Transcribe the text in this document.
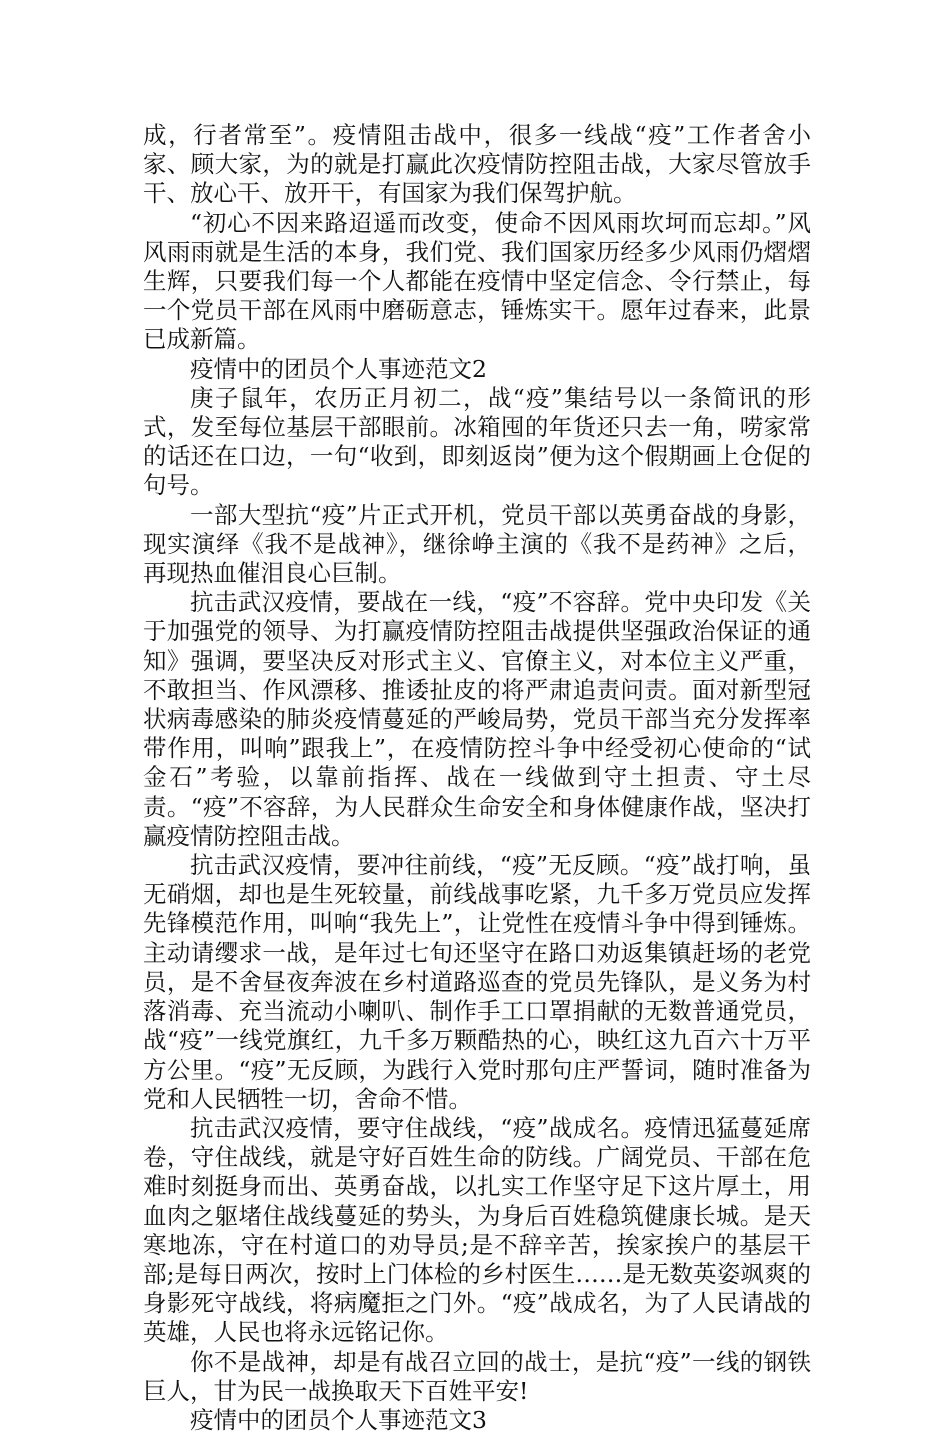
成，行者常至”。疫情阻击战中，很多一线战“疫”工作者舍小家、顾大家，为的就是打赢此次疫情防控阻击战，大家尽管放手干、放心干、放开干，有国家为我们保驾护航。

“初心不因来路迢遥而改变，使命不因风雨坎坷而忘却。”风风雨雨就是生活的本身，我们党、我们国家历经多少风雨仍熠熠生辉，只要我们每一个人都能在疫情中坚定信念、令行禁止，每一个党员干部在风雨中磨砺意志，锤炼实干。愿年过春来，此景已成新篇。

疫情中的团员个人事迹范文2

庚子鼠年，农历正月初二，战“疫”集结号以一条简讯的形式，发至每位基层干部眼前。冰箱囤的年货还只去一角，唠家常的话还在口边，一句“收到，即刻返岗”便为这个假期画上仓促的句号。

一部大型抗“疫”片正式开机，党员干部以英勇奋战的身影，现实演绎《我不是战神》，继徐峥主演的《我不是药神》之后，再现热血催泪良心巨制。

抗击武汉疫情，要战在一线，“疫”不容辞。党中央印发《关于加强党的领导、为打赢疫情防控阻击战提供坚强政治保证的通知》强调，要坚决反对形式主义、官僚主义，对本位主义严重，不敢担当、作风漂移、推诿扯皮的将严肃追责问责。面对新型冠状病毒感染的肺炎疫情蔓延的严峻局势，党员干部当充分发挥率带作用，叫响”跟我上”，在疫情防控斗争中经受初心使命的“试金石”考验，以靠前指挥、战在一线做到守土担责、守土尽责。“疫”不容辞，为人民群众生命安全和身体健康作战，坚决打赢疫情防控阻击战。

抗击武汉疫情，要冲往前线，“疫”无反顾。“疫”战打响，虽无硝烟，却也是生死较量，前线战事吃紧，九千多万党员应发挥先锋模范作用，叫响“我先上”，让党性在疫情斗争中得到锤炼。主动请缨求一战，是年过七旬还坚守在路口劝返集镇赶场的老党员，是不舍昼夜奔波在乡村道路巡查的党员先锋队，是义务为村落消毒、充当流动小喇叭、制作手工口罩捐献的无数普通党员，战“疫”一线党旗红，九千多万颗酷热的心，映红这九百六十万平方公里。“疫”无反顾，为践行入党时那句庄严誓词，随时准备为党和人民牺牲一切，舍命不惜。

抗击武汉疫情，要守住战线，“疫”战成名。疫情迅猛蔓延席卷，守住战线，就是守好百姓生命的防线。广阔党员、干部在危难时刻挺身而出、英勇奋战，以扎实工作坚守足下这片厚土，用血肉之躯堵住战线蔓延的势头，为身后百姓稳筑健康长城。是天寒地冻，守在村道口的劝导员;是不辞辛苦，挨家挨户的基层干部;是每日两次，按时上门体检的乡村医生……是无数英姿飒爽的身影死守战线，将病魔拒之门外。“疫”战成名，为了人民请战的英雄，人民也将永远铭记你。

你不是战神，却是有战召立回的战士，是抗“疫”一线的钢铁巨人，甘为民一战换取天下百姓平安!

疫情中的团员个人事迹范文3
